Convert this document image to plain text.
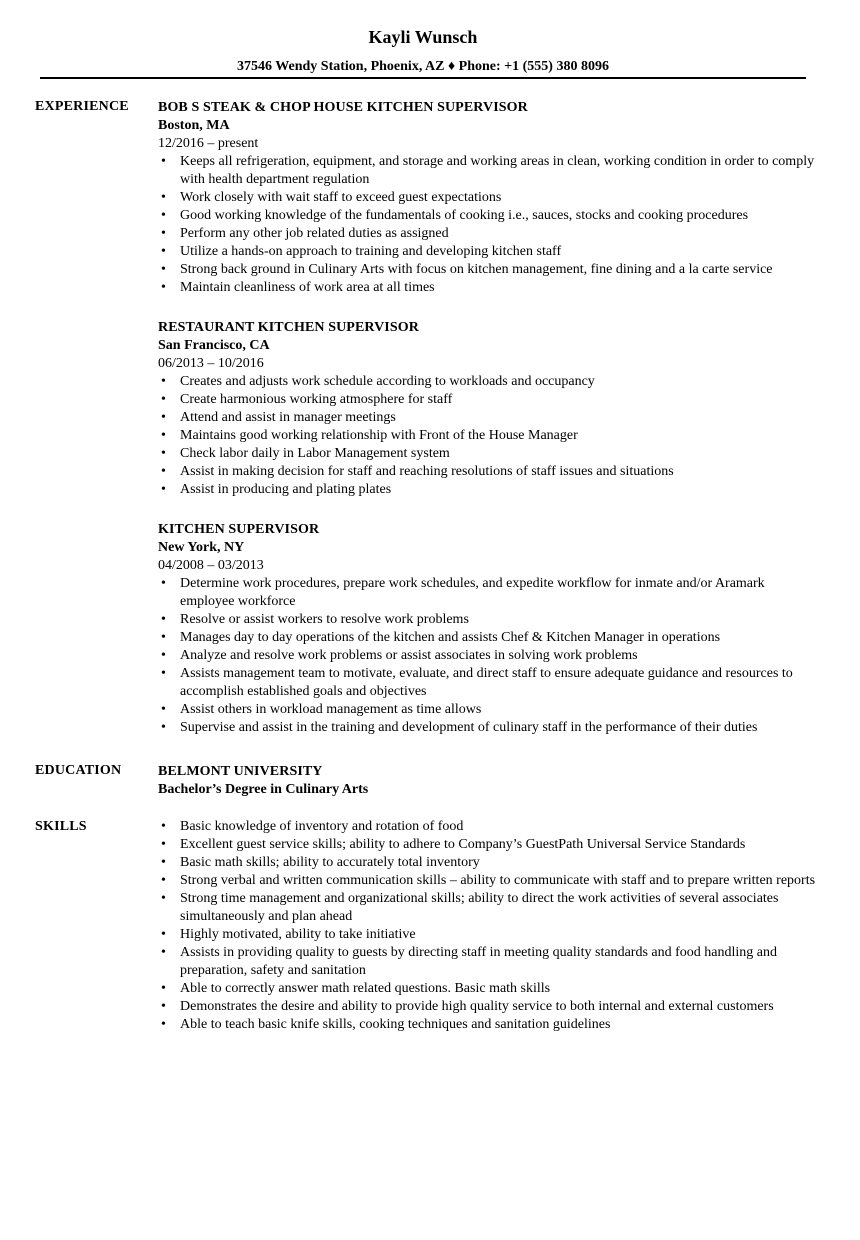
Kayli Wunsch
37546 Wendy Station, Phoenix, AZ ♦ Phone: +1 (555) 380 8096
EXPERIENCE BOB S STEAK & CHOP HOUSE KITCHEN SUPERVISOR
Boston, MA
12/2016 – present
• Keeps all refrigeration, equipment, and storage and working areas in clean, working condition in order to comply with health department regulation
• Work closely with wait staff to exceed guest expectations
• Good working knowledge of the fundamentals of cooking i.e., sauces, stocks and cooking procedures
• Perform any other job related duties as assigned
• Utilize a hands-on approach to training and developing kitchen staff
• Strong back ground in Culinary Arts with focus on kitchen management, fine dining and a la carte service
• Maintain cleanliness of work area at all times
RESTAURANT KITCHEN SUPERVISOR
San Francisco, CA
06/2013 – 10/2016
• Creates and adjusts work schedule according to workloads and occupancy
• Create harmonious working atmosphere for staff
• Attend and assist in manager meetings
• Maintains good working relationship with Front of the House Manager
• Check labor daily in Labor Management system
• Assist in making decision for staff and reaching resolutions of staff issues and situations
• Assist in producing and plating plates
KITCHEN SUPERVISOR
New York, NY
04/2008 – 03/2013
• Determine work procedures, prepare work schedules, and expedite workflow for inmate and/or Aramark employee workforce
• Resolve or assist workers to resolve work problems
• Manages day to day operations of the kitchen and assists Chef & Kitchen Manager in operations
• Analyze and resolve work problems or assist associates in solving work problems
• Assists management team to motivate, evaluate, and direct staff to ensure adequate guidance and resources to accomplish established goals and objectives
• Assist others in workload management as time allows
• Supervise and assist in the training and development of culinary staff in the performance of their duties
EDUCATION	BELMONT UNIVERSITY
Bachelor’s Degree in Culinary Arts
SKILLS
•	Basic knowledge of inventory and rotation of food
• Excellent guest service skills; ability to adhere to Company’s GuestPath Universal Service Standards
• Basic math skills; ability to accurately total inventory
• Strong verbal and written communication skills – ability to communicate with staff and to prepare written reports
• Strong time management and organizational skills; ability to direct the work activities of several associates simultaneously and plan ahead
• Highly motivated, ability to take initiative
• Assists in providing quality to guests by directing staff in meeting quality standards and food handling and preparation, safety and sanitation
• Able to correctly answer math related questions. Basic math skills
• Demonstrates the desire and ability to provide high quality service to both internal and external customers
• Able to teach basic knife skills, cooking techniques and sanitation guidelines
